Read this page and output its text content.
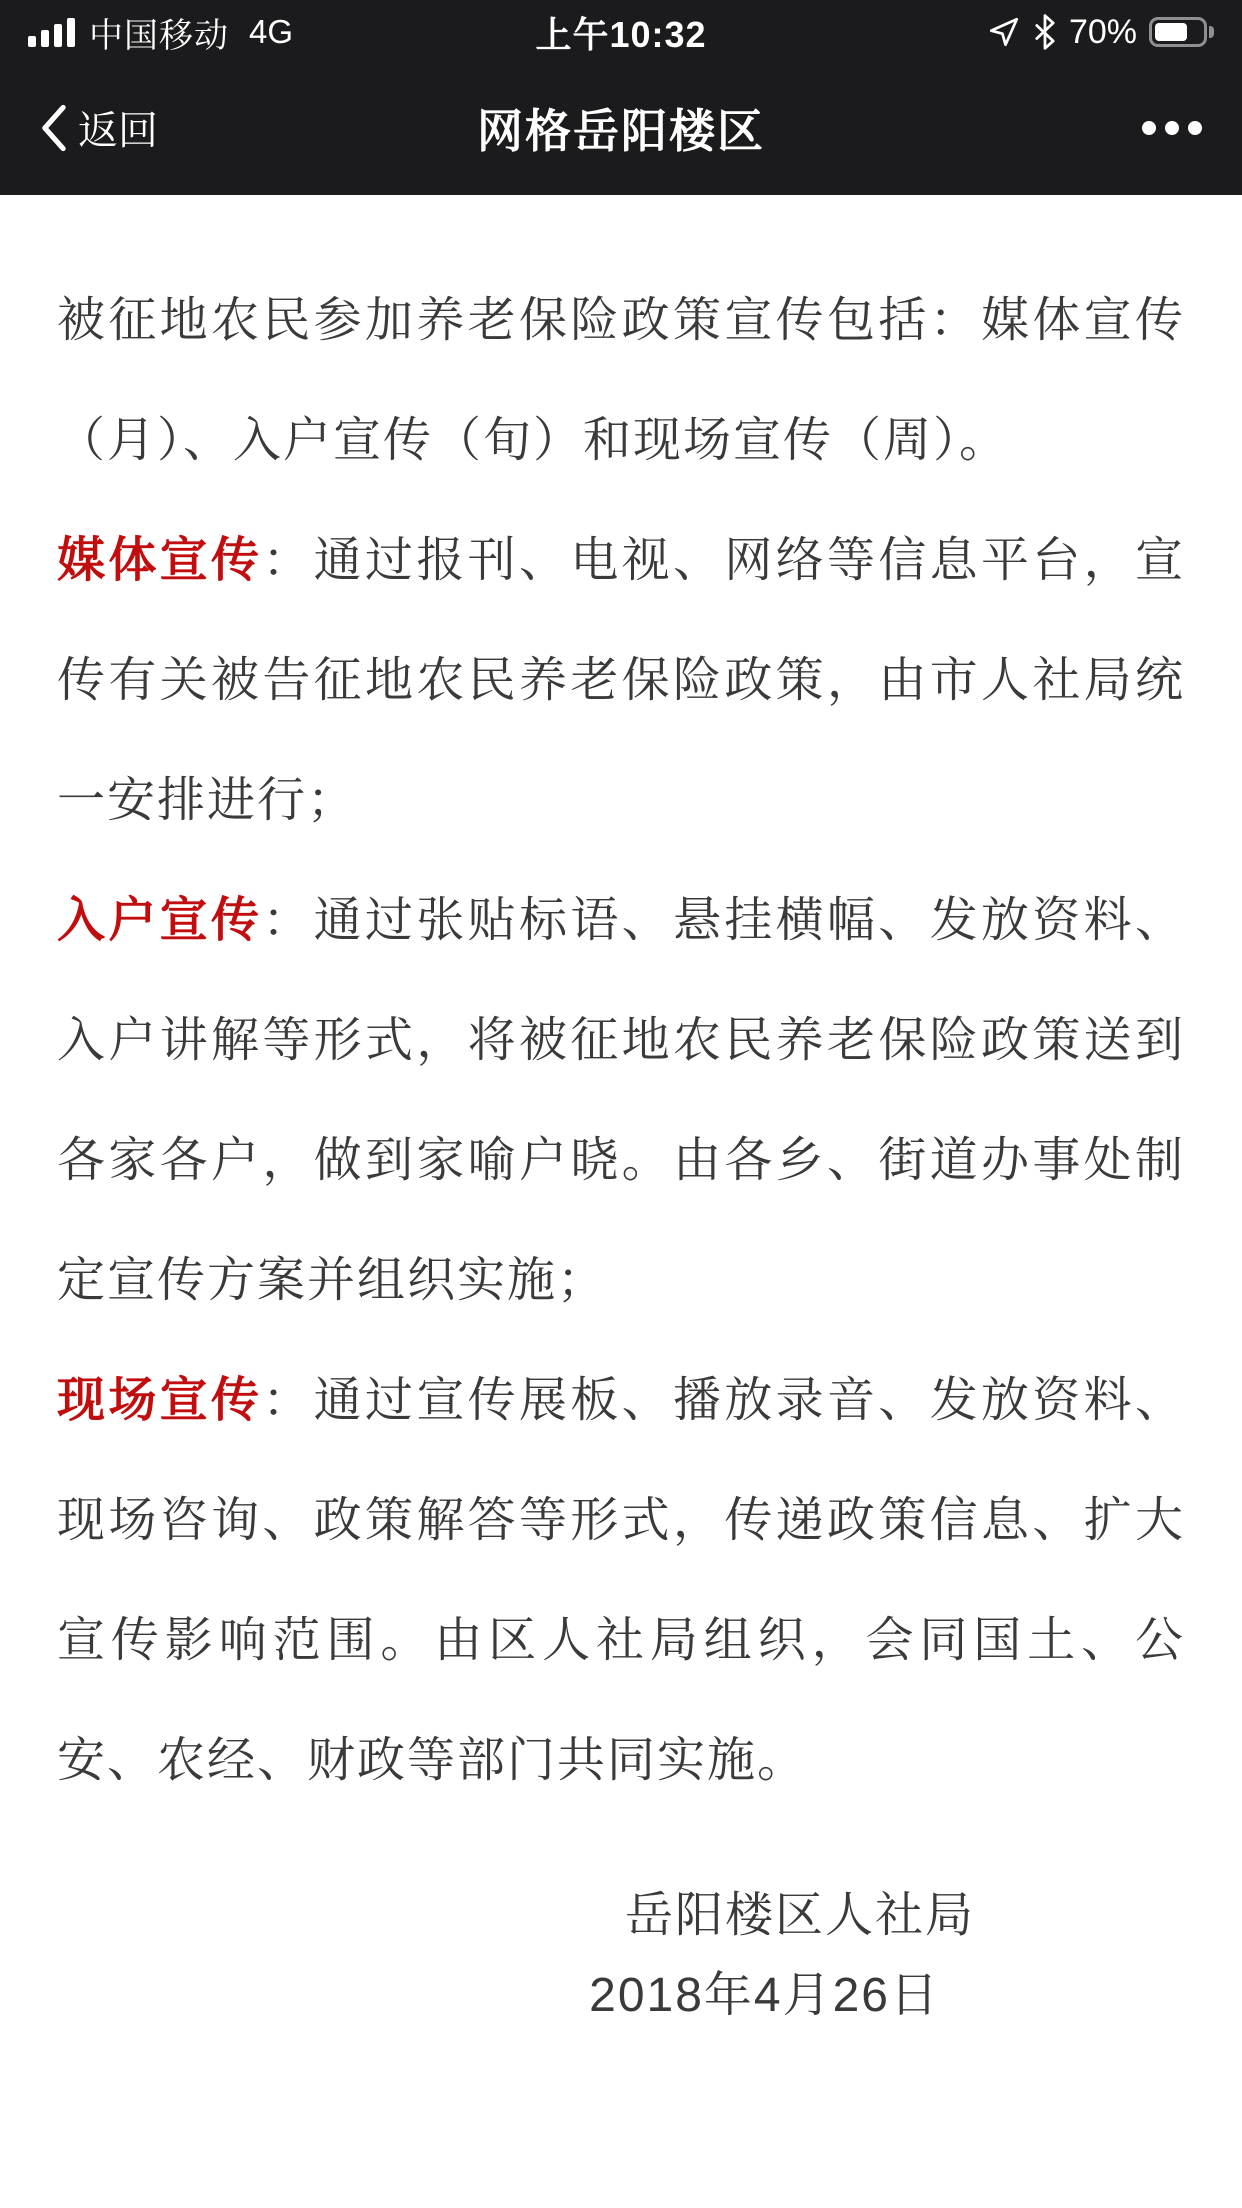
中国移动 4G	上午10:32	70%
返回	网格岳阳楼区

被征地农民参加养老保险政策宣传包括：媒体宣传（月）、入户宣传（旬）和现场宣传（周）。

媒体宣传：通过报刊、电视、网络等信息平台，宣传有关被告征地农民养老保险政策，由市人社局统一安排进行；

入户宣传：通过张贴标语、悬挂横幅、发放资料、入户讲解等形式，将被征地农民养老保险政策送到各家各户，做到家喻户晓。由各乡、街道办事处制定宣传方案并组织实施；

现场宣传：通过宣传展板、播放录音、发放资料、现场咨询、政策解答等形式，传递政策信息、扩大宣传影响范围。由区人社局组织，会同国土、公安、农经、财政等部门共同实施。

岳阳楼区人社局
2018年4月26日
